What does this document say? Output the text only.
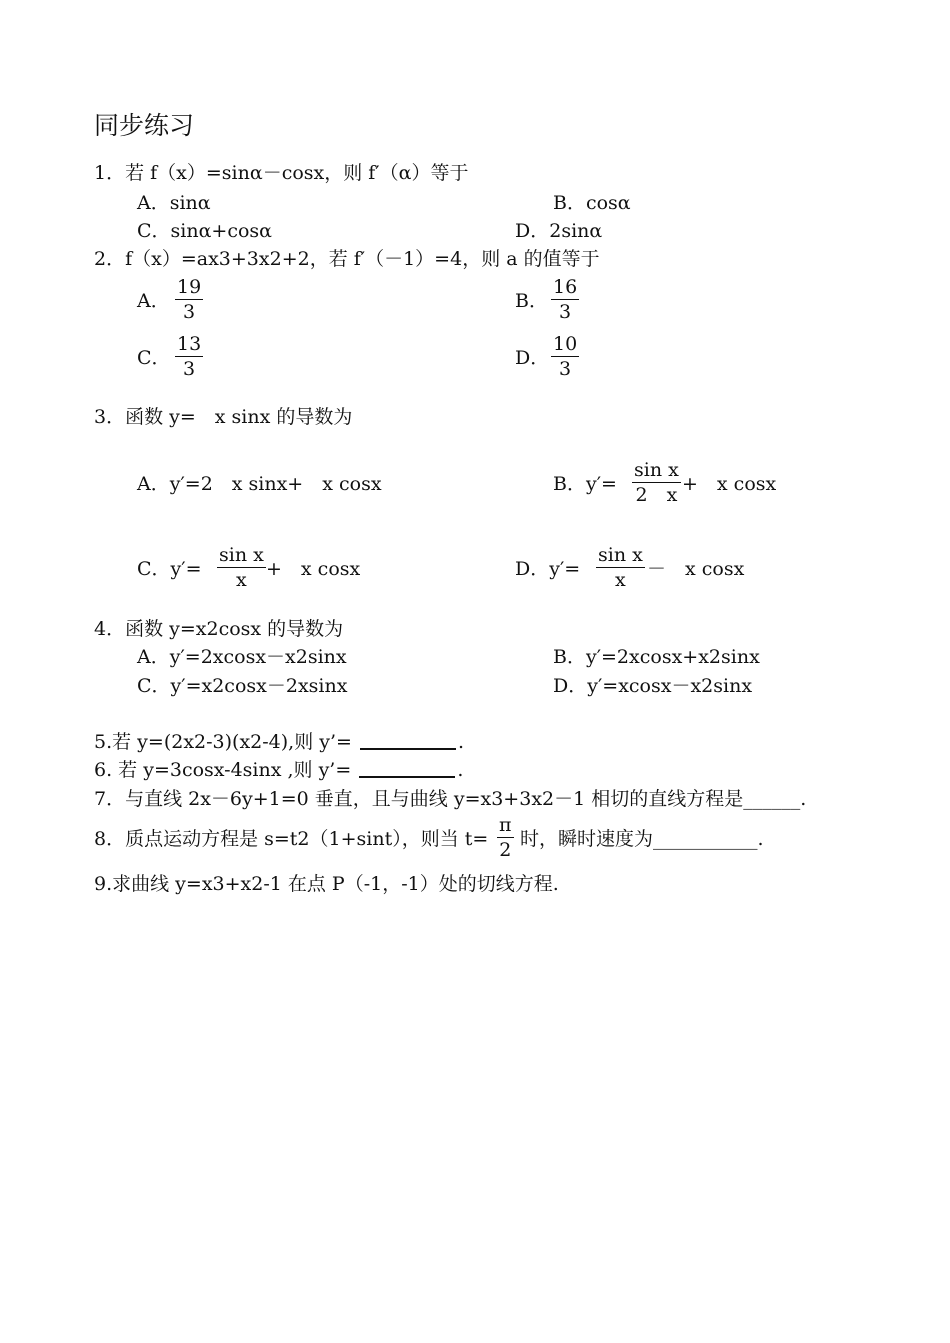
同步练习
1．若 f（x）=sinα－cosx，则 f′（α）等于
A．sinα	B．cosα
C．sinα+cosα	D．2sinα
2．f（x）=ax3+3x2+2，若 f′（－1）=4，则 a 的值等于
A．
19
3	B．
16
3
C．
13
3	D．
10
3
3．函数 y=　x sinx 的导数为
A．y′=2　x sinx+　x cosx	B．y′=
sin x
2　x +　x cosx
C．y′=
sin x
x +　x cosx	D．y′=
sin x
x －　x cosx
4．函数 y=x2cosx 的导数为
A．y′=2xcosx－x2sinx	B．y′=2xcosx+x2sinx
C．y′=x2cosx－2xsinx	D．y′=xcosx－x2sinx
5.若 y=(2x2-3)(x2-4),则 y’=	.
6. 若 y=3cosx-4sinx ,则 y’=	.
7．与直线 2x－6y+1=0 垂直，且与曲线 y=x3+3x2－1 相切的直线方程是______.
8．质点运动方程是 s=t2（1+sint），则当 t=
π
2 时，瞬时速度为___________.
9.求曲线 y=x3+x2-1 在点 P（-1，-1）处的切线方程.
